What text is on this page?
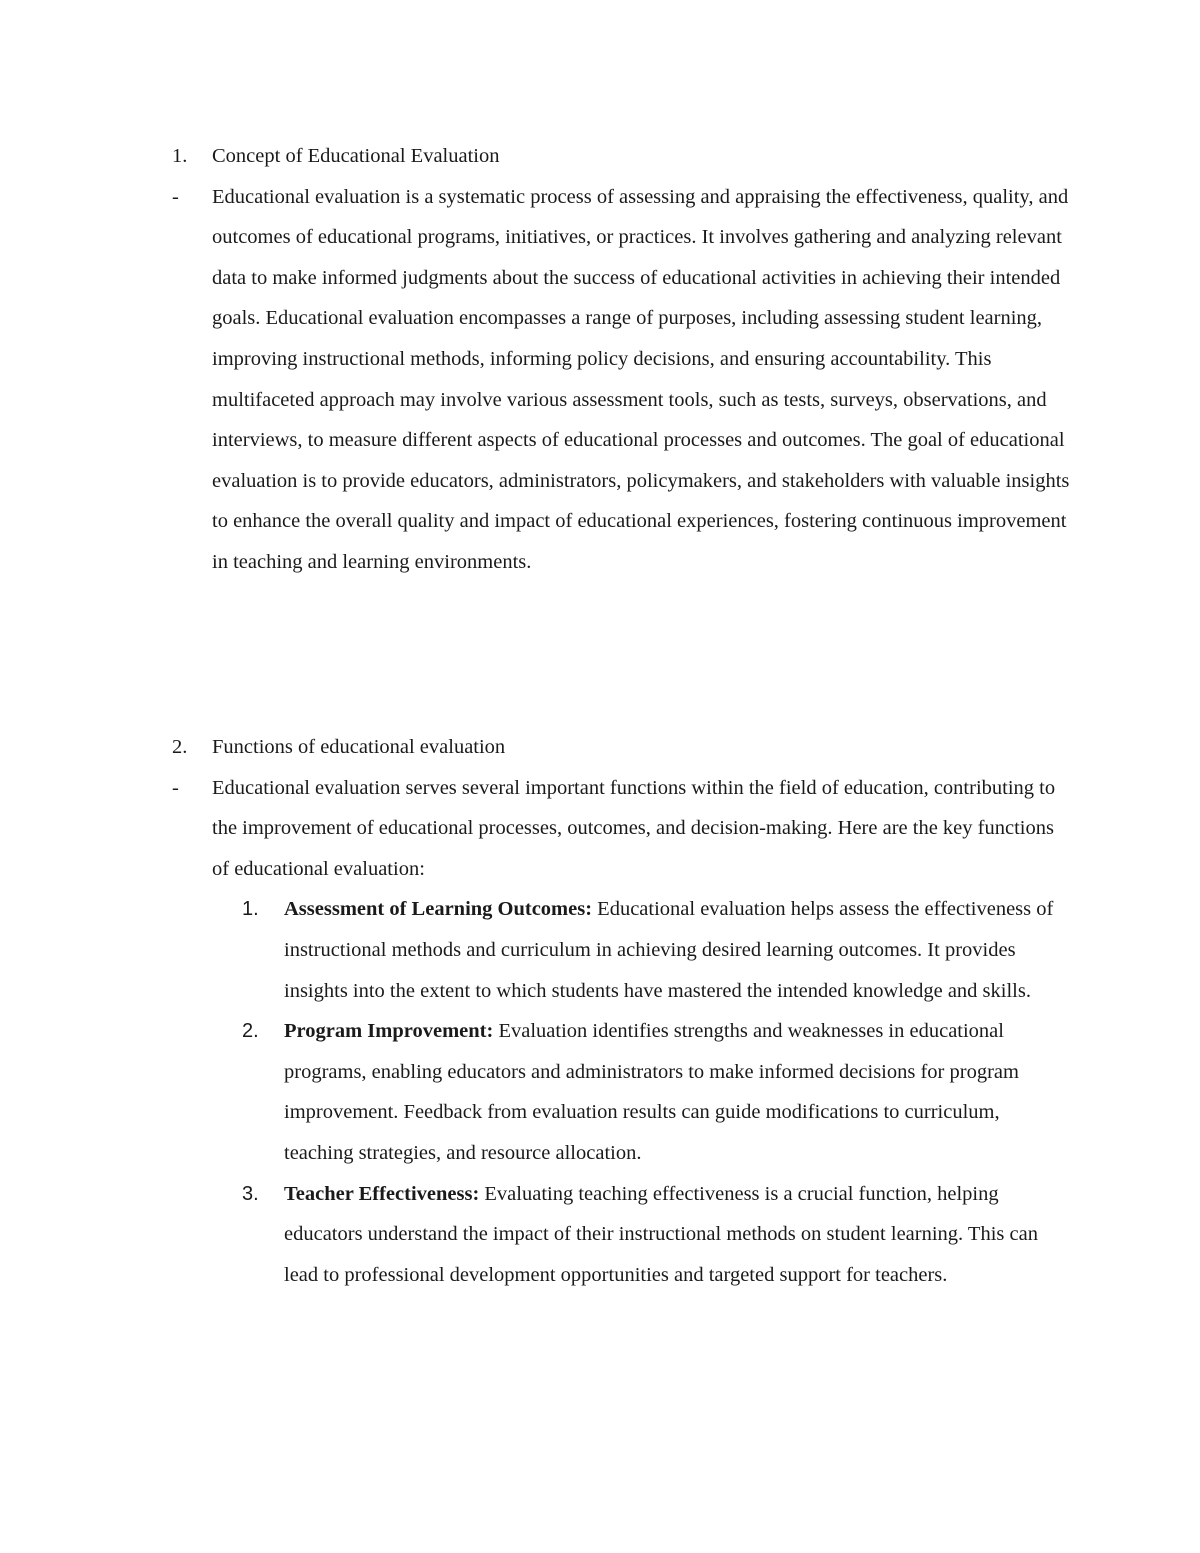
1.	Concept of Educational Evaluation
-	Educational evaluation is a systematic process of assessing and appraising the effectiveness, quality, and outcomes of educational programs, initiatives, or practices. It involves gathering and analyzing relevant data to make informed judgments about the success of educational activities in achieving their intended goals. Educational evaluation encompasses a range of purposes, including assessing student learning, improving instructional methods, informing policy decisions, and ensuring accountability. This multifaceted approach may involve various assessment tools, such as tests, surveys, observations, and interviews, to measure different aspects of educational processes and outcomes. The goal of educational evaluation is to provide educators, administrators, policymakers, and stakeholders with valuable insights to enhance the overall quality and impact of educational experiences, fostering continuous improvement in teaching and learning environments.
2.	Functions of educational evaluation
-	Educational evaluation serves several important functions within the field of education, contributing to the improvement of educational processes, outcomes, and decision-making. Here are the key functions of educational evaluation:
1. Assessment of Learning Outcomes: Educational evaluation helps assess the effectiveness of instructional methods and curriculum in achieving desired learning outcomes. It provides insights into the extent to which students have mastered the intended knowledge and skills.
2. Program Improvement: Evaluation identifies strengths and weaknesses in educational programs, enabling educators and administrators to make informed decisions for program improvement. Feedback from evaluation results can guide modifications to curriculum, teaching strategies, and resource allocation.
3. Teacher Effectiveness: Evaluating teaching effectiveness is a crucial function, helping educators understand the impact of their instructional methods on student learning. This can lead to professional development opportunities and targeted support for teachers.
